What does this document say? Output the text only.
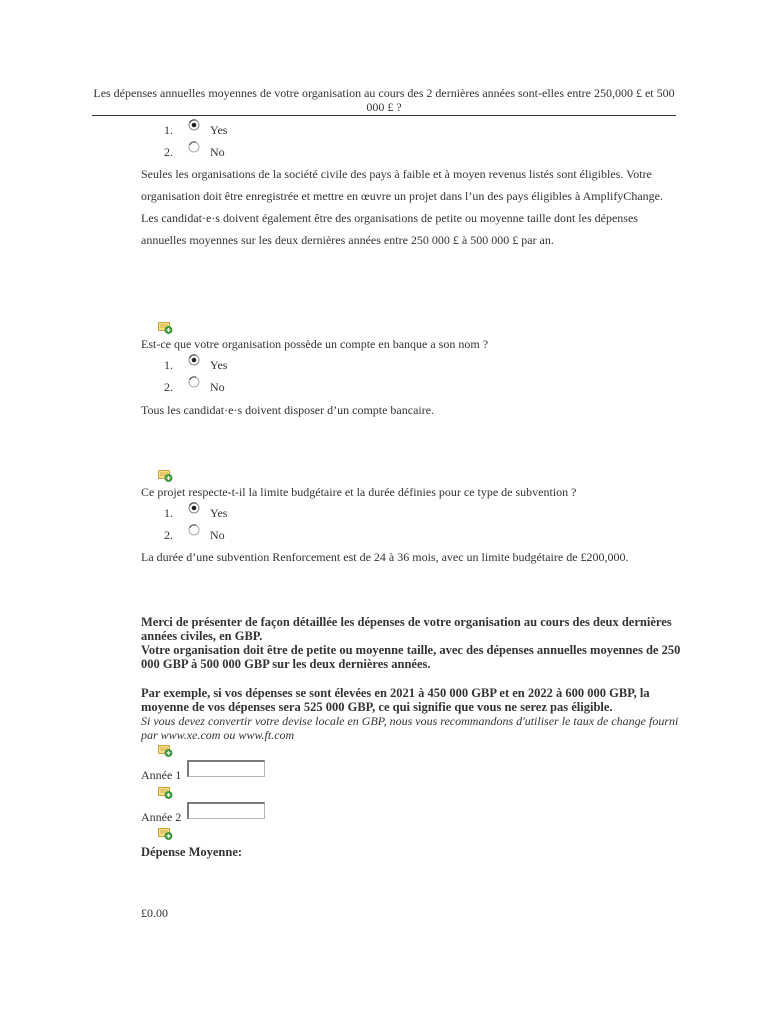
Les dépenses annuelles moyennes de votre organisation au cours des 2 dernières années sont-elles entre 250,000 £ et 500 000 £ ?
1.	Yes
2.	No
Seules les organisations de la société civile des pays à faible et à moyen revenus listés sont éligibles. Votre organisation doit être enregistrée et mettre en œuvre un projet dans l’un des pays éligibles à AmplifyChange. Les candidat·e·s doivent également être des organisations de petite ou moyenne taille dont les dépenses annuelles moyennes sur les deux dernières années entre 250 000 £ à 500 000 £ par an.
Est-ce que votre organisation possède un compte en banque a son nom ?
1.	Yes
2.	No
Tous les candidat·e·s doivent disposer d’un compte bancaire.
Ce projet respecte-t-il la limite budgétaire et la durée définies pour ce type de subvention ?
1.	Yes
2.	No
La durée d’une subvention Renforcement est de 24 à 36 mois, avec un limite budgétaire de £200,000.
Merci de présenter de façon détaillée les dépenses de votre organisation au cours des deux dernières années civiles, en GBP.
Votre organisation doit être de petite ou moyenne taille, avec des dépenses annuelles moyennes de 250 000 GBP à 500 000 GBP sur les deux dernières années.
Par exemple, si vos dépenses se sont élevées en 2021 à 450 000 GBP et en 2022 à 600 000 GBP, la moyenne de vos dépenses sera 525 000 GBP, ce qui signifie que vous ne serez pas éligible.
Si vous devez convertir votre devise locale en GBP, nous vous recommandons d'utiliser le taux de change fourni par www.xe.com ou www.ft.com
Année 1
Année 2
Dépense Moyenne:
£0.00
